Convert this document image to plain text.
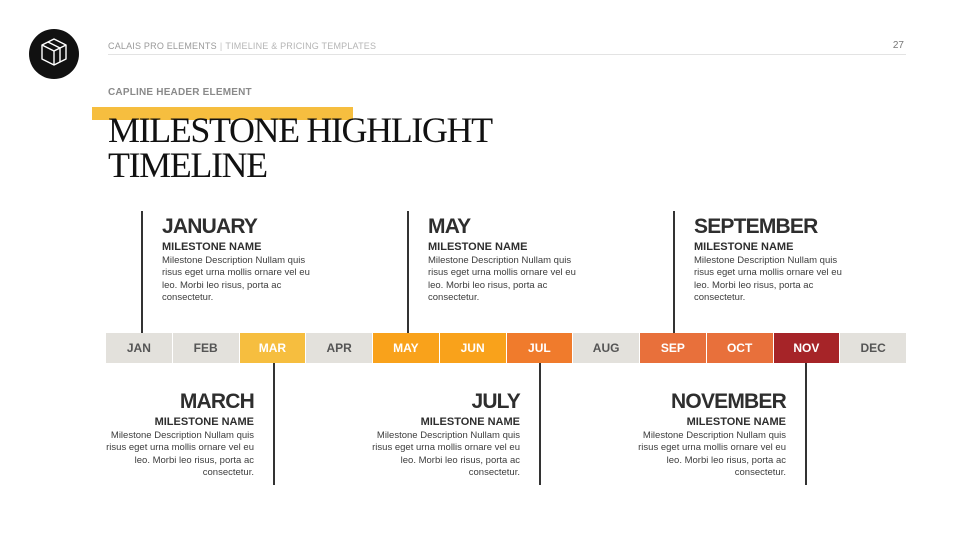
CALAIS PRO ELEMENTS | TIMELINE & PRICING TEMPLATES	27
CAPLINE HEADER ELEMENT
MILESTONE HIGHLIGHT
TIMELINE
JANUARY
MILESTONE NAME
Milestone Description Nullam quis risus eget urna mollis ornare vel eu leo. Morbi leo risus, porta ac consectetur.
MAY
MILESTONE NAME
Milestone Description Nullam quis risus eget urna mollis ornare vel eu leo. Morbi leo risus, porta ac consectetur.
SEPTEMBER
MILESTONE NAME
Milestone Description Nullam quis risus eget urna mollis ornare vel eu leo. Morbi leo risus, porta ac consectetur.
JAN	FEB	MAR	APR	MAY	JUN	JUL	AUG	SEP	OCT	NOV	DEC
MARCH
MILESTONE NAME
Milestone Description Nullam quis risus eget urna mollis ornare vel eu leo. Morbi leo risus, porta ac consectetur.
JULY
MILESTONE NAME
Milestone Description Nullam quis risus eget urna mollis ornare vel eu leo. Morbi leo risus, porta ac consectetur.
NOVEMBER
MILESTONE NAME
Milestone Description Nullam quis risus eget urna mollis ornare vel eu leo. Morbi leo risus, porta ac consectetur.
